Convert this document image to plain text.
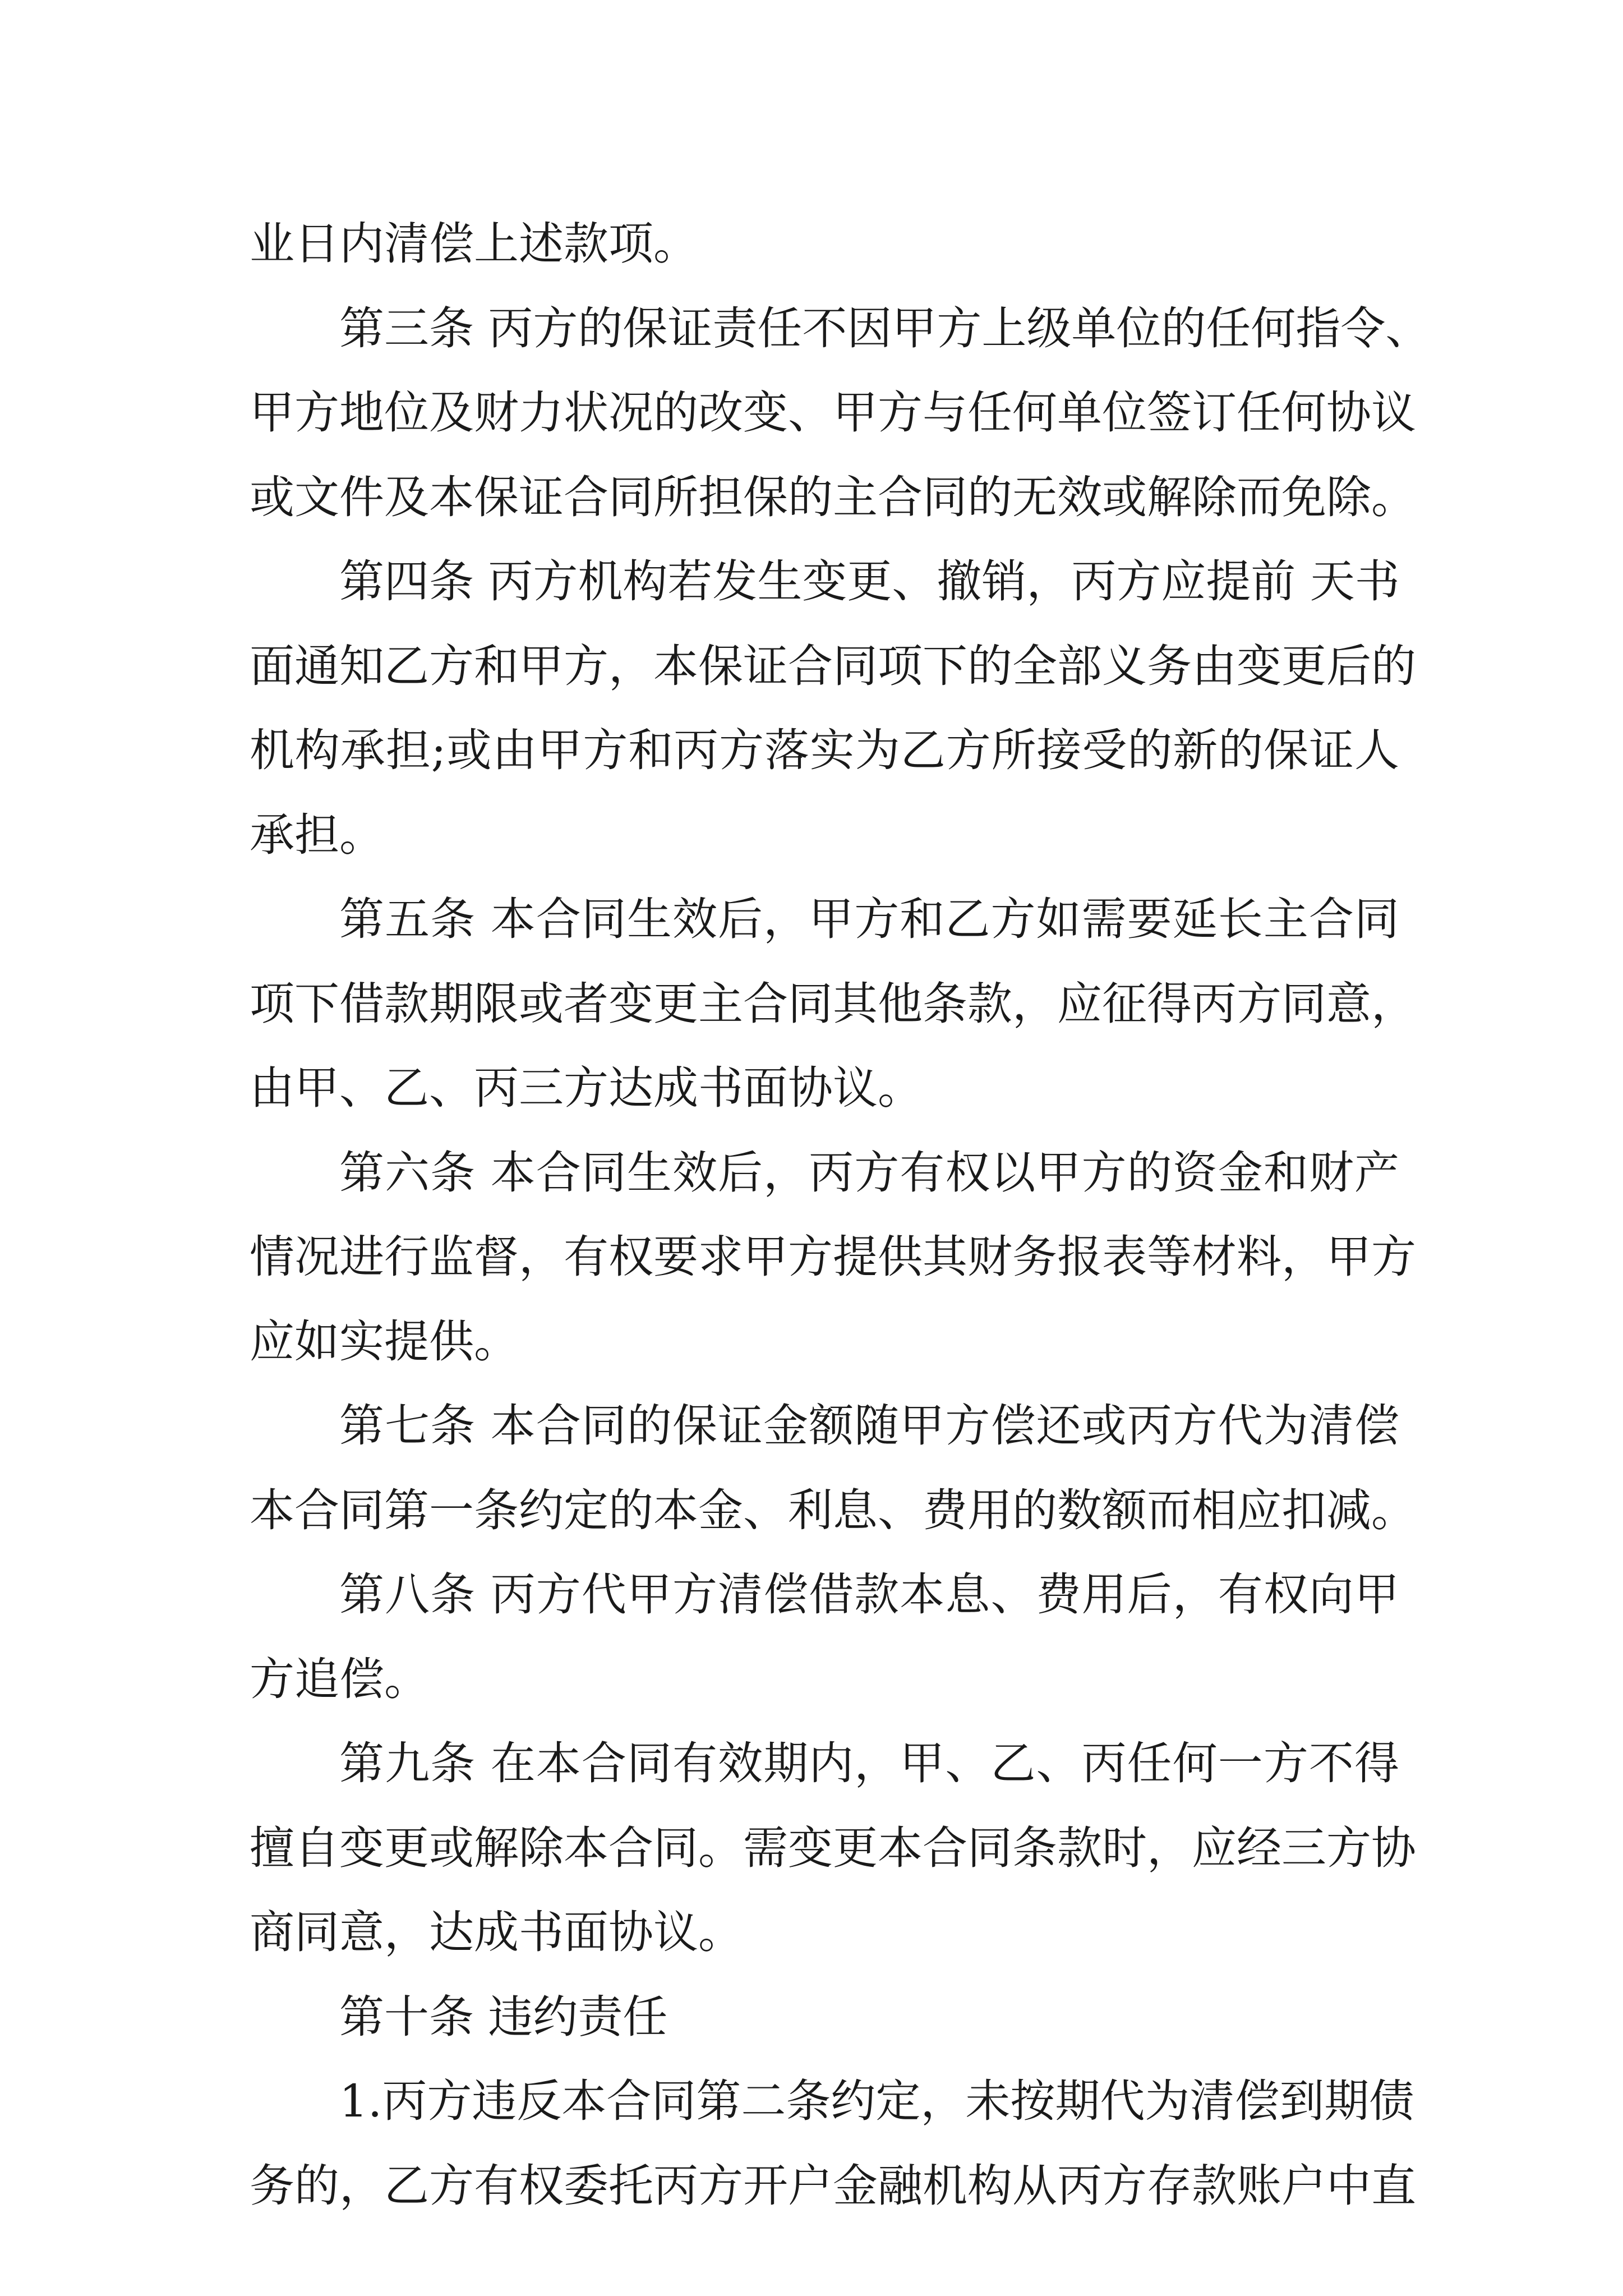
业日内清偿上述款项。
第三条 丙方的保证责任不因甲方上级单位的任何指令、
甲方地位及财力状况的改变、甲方与任何单位签订任何协议
或文件及本保证合同所担保的主合同的无效或解除而免除。
第四条 丙方机构若发生变更、撤销，丙方应提前 天书
面通知乙方和甲方，本保证合同项下的全部义务由变更后的
机构承担;或由甲方和丙方落实为乙方所接受的新的保证人
承担。
第五条 本合同生效后，甲方和乙方如需要延长主合同
项下借款期限或者变更主合同其他条款，应征得丙方同意，
由甲、乙、丙三方达成书面协议。
第六条 本合同生效后，丙方有权以甲方的资金和财产
情况进行监督，有权要求甲方提供其财务报表等材料，甲方
应如实提供。
第七条 本合同的保证金额随甲方偿还或丙方代为清偿
本合同第一条约定的本金、利息、费用的数额而相应扣减。
第八条 丙方代甲方清偿借款本息、费用后，有权向甲
方追偿。
第九条 在本合同有效期内，甲、乙、丙任何一方不得
擅自变更或解除本合同。需变更本合同条款时，应经三方协
商同意，达成书面协议。
第十条 违约责任
1.丙方违反本合同第二条约定，未按期代为清偿到期债
务的，乙方有权委托丙方开户金融机构从丙方存款账户中直
